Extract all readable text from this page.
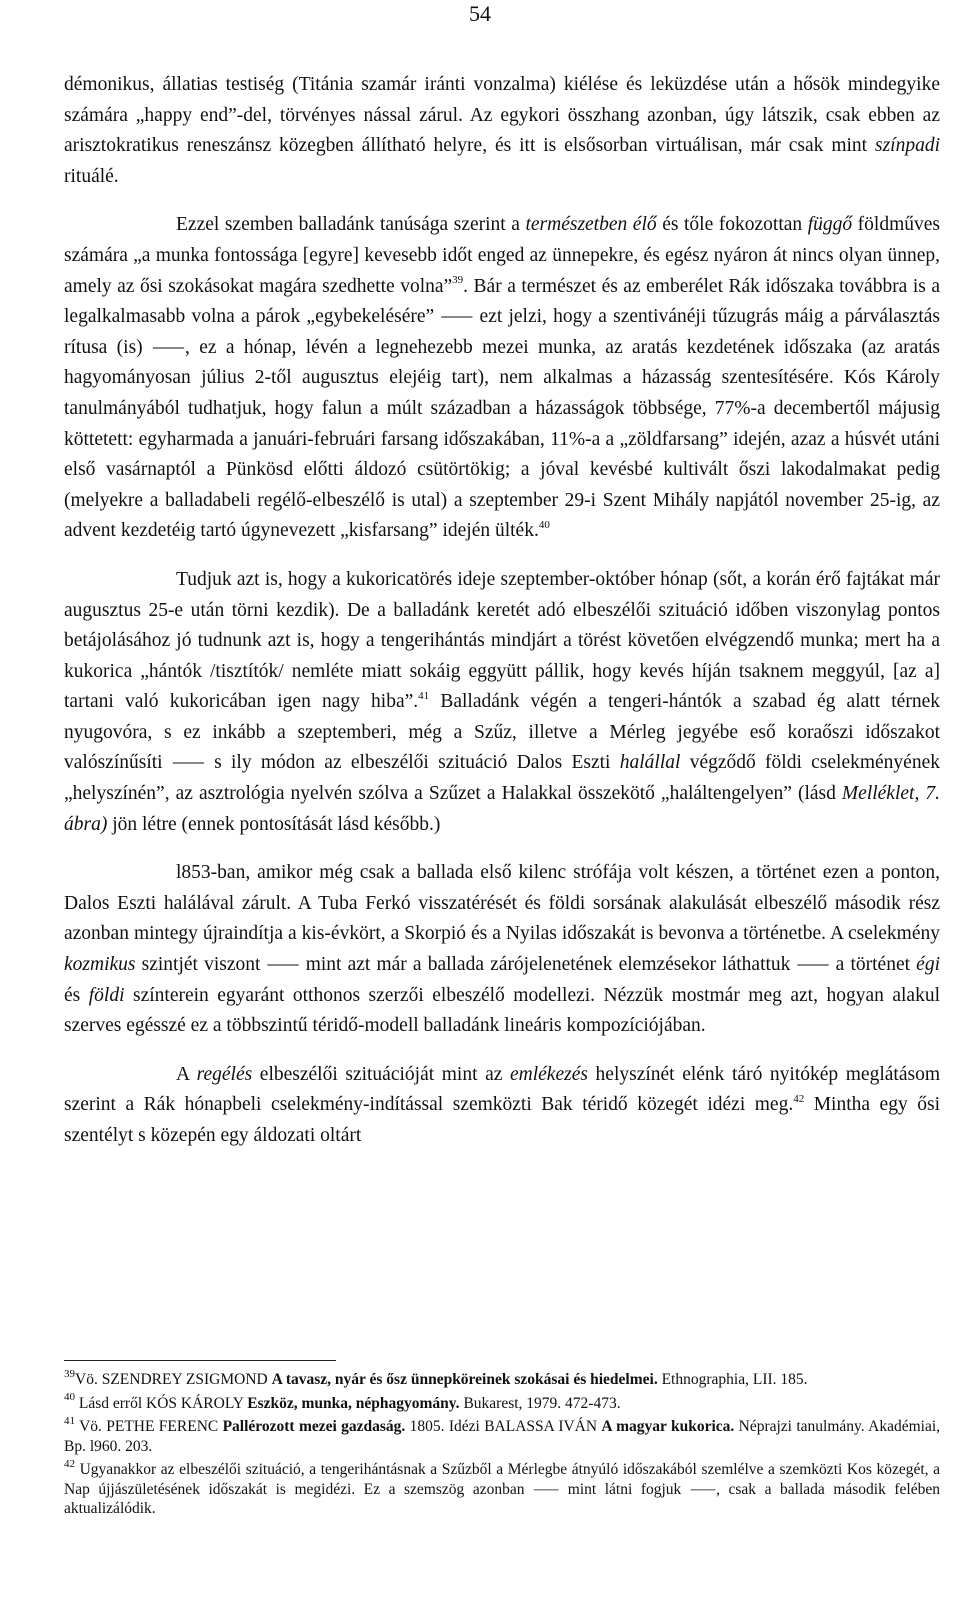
54

démonikus, állatias testiség (Titánia szamár iránti vonzalma) kiélése és leküzdése után a hősök mindegyike számára „happy end”-del, törvényes nással zárul. Az egykori összhang azonban, úgy látszik, csak ebben az arisztokratikus reneszánsz közegben állítható helyre, és itt is elsősorban virtuálisan, már csak mint színpadi rituálé.

Ezzel szemben balladánk tanúsága szerint a természetben élő és tőle fokozottan függő földműves számára „a munka fontossága [egyre] kevesebb időt enged az ünnepekre, és egész nyáron át nincs olyan ünnep, amely az ősi szokásokat magára szedhette volna”$^{39}$. Bár a természet és az emberélet Rák időszaka továbbra is a legalkalmasabb volna a párok „egybekelésére” ⸺ ezt jelzi, hogy a szentivánéji tűzugrás máig a párválasztás rítusa (is) ⸺, ez a hónap, lévén a legnehezebb mezei munka, az aratás kezdetének időszaka (az aratás hagyományosan július 2-től augusztus elejéig tart), nem alkalmas a házasság szentesítésére. Kós Károly tanulmányából tudhatjuk, hogy falun a múlt században a házasságok többsége, 77%-a decembertől májusig köttetett: egyharmada a januári-februári farsang időszakában, 11%-a a „zöldfarsang” idején, azaz a húsvét utáni első vasárnaptól a Pünkösd előtti áldozó csütörtökig; a jóval kevésbé kultivált őszi lakodalmakat pedig (melyekre a balladabeli regélő-elbeszélő is utal) a szeptember 29-i Szent Mihály napjától november 25-ig, az advent kezdetéig tartó úgynevezett „kisfarsang” idején ülték.$^{40}$

Tudjuk azt is, hogy a kukoricatörés ideje szeptember-október hónap (sőt, a korán érő fajtákat már augusztus 25-e után törni kezdik). De a balladánk keretét adó elbeszélői szituáció időben viszonylag pontos betájolásához jó tudnunk azt is, hogy a tengerihántás mindjárt a törést követően elvégzendő munka; mert ha a kukorica „hántók /tisztítók/ nemléte miatt sokáig eggyütt pállik, hogy kevés híján tsaknem meggyúl, [az a] tartani való kukoricában igen nagy hiba”.$^{41}$ Balladánk végén a tengeri-hántók a szabad ég alatt térnek nyugovóra, s ez inkább a szeptemberi, még a Szűz, illetve a Mérleg jegyébe eső koraőszi időszakot valószínűsíti ⸺ s ily módon az elbeszélői szituáció Dalos Eszti halállal végződő földi cselekményének „helyszínén”, az asztrológia nyelvén szólva a Szűzet a Halakkal összekötő „haláltengelyen” (lásd Melléklet, 7. ábra) jön létre (ennek pontosítását lásd később.)

l853-ban, amikor még csak a ballada első kilenc strófája volt készen, a történet ezen a ponton, Dalos Eszti halálával zárult. A Tuba Ferkó visszatérését és földi sorsának alakulását elbeszélő második rész azonban mintegy újraindítja a kis-évkört, a Skorpió és a Nyilas időszakát is bevonva a történetbe. A cselekmény kozmikus szintjét viszont ⸺ mint azt már a ballada zárójelenetének elemzésekor láthattuk ⸺ a történet égi és földi színterein egyaránt otthonos szerzői elbeszélő modellezi. Nézzük mostmár meg azt, hogyan alakul szerves egésszé ez a többszintű téridő-modell balladánk lineáris kompozíciójában.

A regélés elbeszélői szituációját mint az emlékezés helyszínét elénk táró nyitókép meglátásom szerint a Rák hónapbeli cselekmény-indítással szemközti Bak téridő közegét idézi meg.$^{42}$ Mintha egy ősi szentélyt s közepén egy áldozati oltárt

$^{39}$Vö. SZENDREY ZSIGMOND A tavasz, nyár és ősz ünnepköreinek szokásai és hiedelmei. Ethnographia, LII. 185.
$^{40}$ Lásd erről KÓS KÁROLY Eszköz, munka, néphagyomány. Bukarest, 1979. 472-473.
$^{41}$ Vö. PETHE FERENC Pallérozott mezei gazdaság. 1805. Idézi BALASSA IVÁN A magyar kukorica. Néprajzi tanulmány. Akadémiai, Bp. l960. 203.
$^{42}$ Ugyanakkor az elbeszélői szituáció, a tengerihántásnak a Szűzből a Mérlegbe átnyúló időszakából szemlélve a szemközti Kos közegét, a Nap újjászületésének időszakát is megidézi. Ez a szemszög azonban ⸺ mint látni fogjuk ⸺, csak a ballada második felében aktualizálódik.
